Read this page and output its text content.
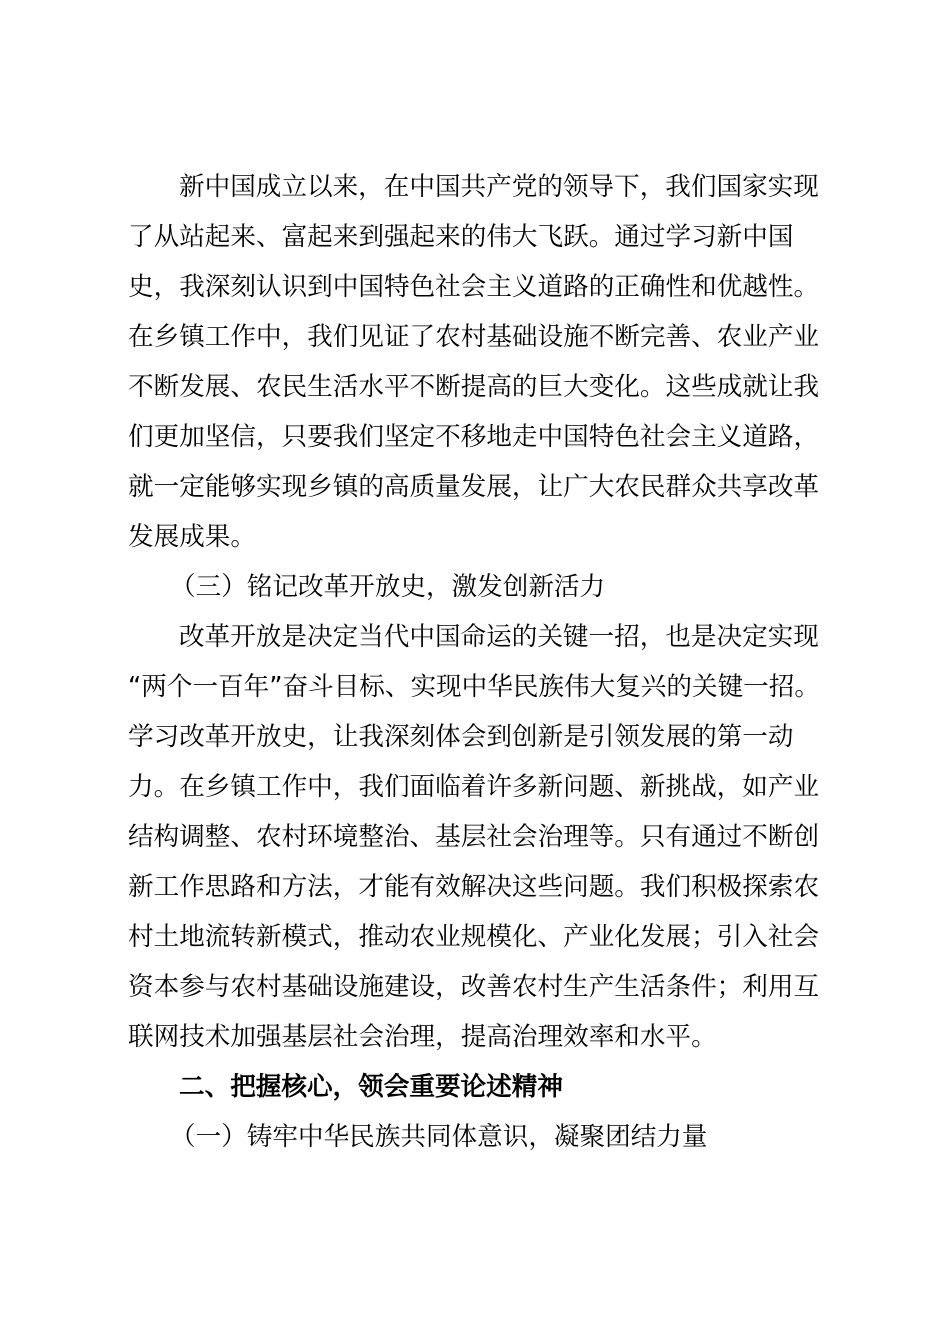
新中国成立以来，在中国共产党的领导下，我们国家实现
了从站起来、富起来到强起来的伟大飞跃。通过学习新中国
史，我深刻认识到中国特色社会主义道路的正确性和优越性。
在乡镇工作中，我们见证了农村基础设施不断完善、农业产业
不断发展、农民生活水平不断提高的巨大变化。这些成就让我
们更加坚信，只要我们坚定不移地走中国特色社会主义道路，
就一定能够实现乡镇的高质量发展，让广大农民群众共享改革
发展成果。
（三）铭记改革开放史，激发创新活力
改革开放是决定当代中国命运的关键一招，也是决定实现
“两个一百年”奋斗目标、实现中华民族伟大复兴的关键一招。
学习改革开放史，让我深刻体会到创新是引领发展的第一动
力。在乡镇工作中，我们面临着许多新问题、新挑战，如产业
结构调整、农村环境整治、基层社会治理等。只有通过不断创
新工作思路和方法，才能有效解决这些问题。我们积极探索农
村土地流转新模式，推动农业规模化、产业化发展；引入社会
资本参与农村基础设施建设，改善农村生产生活条件；利用互
联网技术加强基层社会治理，提高治理效率和水平。
二、把握核心，领会重要论述精神
（一）铸牢中华民族共同体意识，凝聚团结力量
